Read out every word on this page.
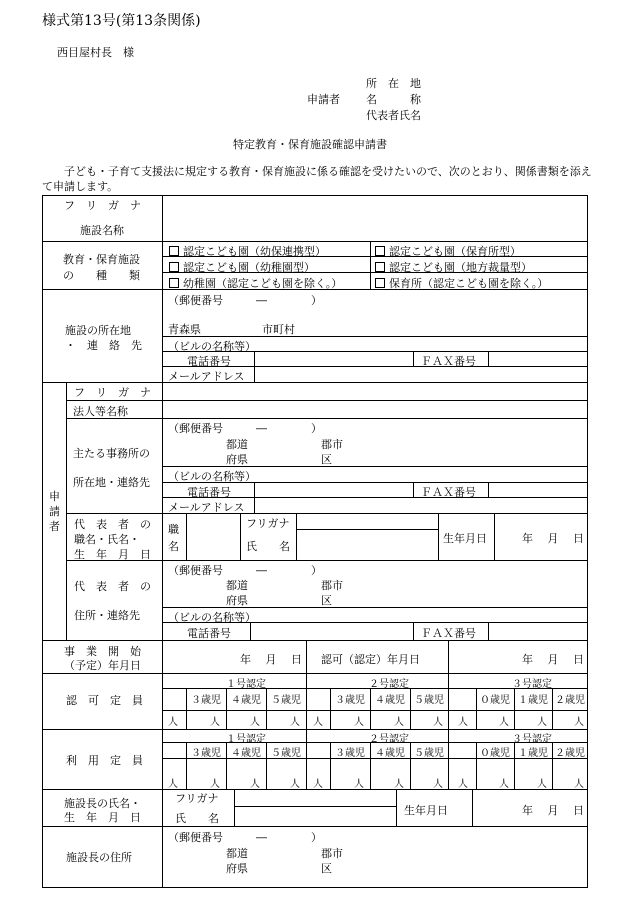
様式第13号(第13条関係)
西目屋村長　様
所　在　地
申請者 名　　　称
代表者氏名
特定教育・保育施設確認申請書
子ども・子育て支援法に規定する教育・保育施設に係る確認を受けたいので、次のとおり、関係書類を添えて申請します。
フ　リ　ガ　ナ
施設名称
教育・保育施設
の　　種　　類
認定こども園（幼保連携型）	認定こども園（保育所型）
認定こども園（幼稚園型）	認定こども園（地方裁量型）
幼稚園（認定こども園を除く。）	保育所（認定こども園を除く。）
施設の所在地
・　連　絡　先
（郵便番号　　　―　　　　）
青森県	市町村
（ビルの名称等）
電話番号	ＦＡＸ番号
メールアドレス
申
請
者
フ　リ　ガ　ナ
法人等名称
主たる事務所の
所在地・連絡先
（郵便番号　　　―　　　　）
都道	郡市
府県	区
（ビルの名称等）
電話番号	ＦＡＸ番号
メールアドレス
代　表　者　の
職名・氏名・
生　年　月　日
職
名
フリガナ
氏　　名
生年月日	年　 月　 日
代　表　者　の
住所・連絡先
（郵便番号　　　―　　　　）
都道	郡市
府県	区
（ビルの名称等）
電話番号	ＦＡＸ番号
事　業　開　始
（予定）年月日	年　 月　 日 認可（認定）年月日	年　 月　 日
認　可　定　員
１号認定	２号認定	３号認定
３歳児	４歳児	５歳児	３歳児	４歳児 ５歳児	０歳児 １歳児 ２歳児
人	人	人	人 人	人	人	人 人	人	人	人
利　用　定　員
１号認定	２号認定	３号認定
３歳児	４歳児	５歳児	３歳児	４歳児 ５歳児	０歳児 １歳児 ２歳児
人	人	人	人 人	人	人	人 人	人	人	人
施設長の氏名・
生　年　月　日
フリガナ
氏　　名
生年月日	年　 月　 日
施設長の住所
（郵便番号　　　―　　　　）
都道	郡市
府県	区
